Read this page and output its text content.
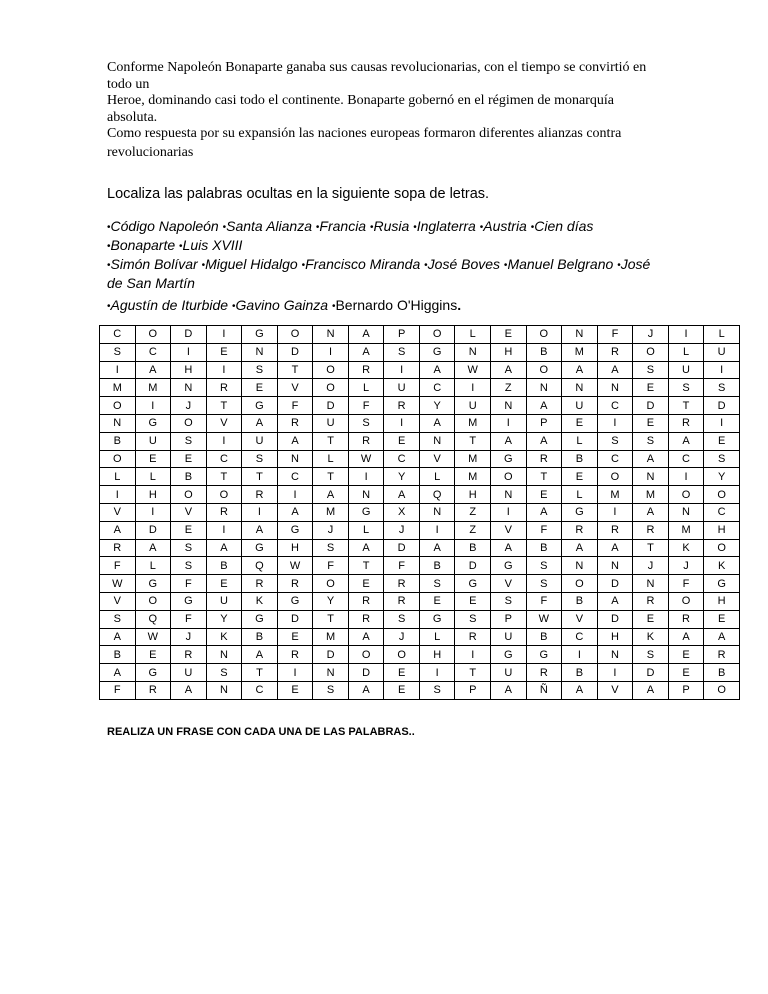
Conforme Napoleón Bonaparte ganaba sus causas revolucionarias, con el tiempo se convirtió en

todo un

Heroe, dominando casi todo el continente. Bonaparte gobernó en el régimen de monarquía absoluta.

Como respuesta por su expansión las naciones europeas formaron diferentes alianzas contra

revolucionarias

Localiza las palabras ocultas en la siguiente sopa de letras.

•Código Napoleón •Santa Alianza •Francia •Rusia •Inglaterra •Austria •Cien días

•Bonaparte •Luis XVIII

•Simón Bolívar •Miguel Hidalgo •Francisco Miranda •José Boves •Manuel Belgrano •José de San Martín

•Agustín de Iturbide •Gavino Gainza •Bernardo O'Higgins.

C	O	D	I	G	O	N	A	P	O	L	E	O	N	F	J	I	L
S	C	I	E	N	D	I	A	S	G	N	H	B	M	R	O	L	U
I	A	H	I	S	T	O	R	I	A	W	A	O	A	A	S	U	I
M	M	N	R	E	V	O	L	U	C	I	Z	N	N	N	E	S	S
O	I	J	T	G	F	D	F	R	Y	U	N	A	U	C	D	T	D
N	G	O	V	A	R	U	S	I	A	M	I	P	E	I	E	R	I
B	U	S	I	U	A	T	R	E	N	T	A	A	L	S	S	A	E
O	E	E	C	S	N	L	W	C	V	M	G	R	B	C	A	C	S
L	L	B	T	T	C	T	I	Y	L	M	O	T	E	O	N	I	Y
I	H	O	O	R	I	A	N	A	Q	H	N	E	L	M	M	O	O
V	I	V	R	I	A	M	G	X	N	Z	I	A	G	I	A	N	C
A	D	E	I	A	G	J	L	J	I	Z	V	F	R	R	R	M	H
R	A	S	A	G	H	S	A	D	A	B	A	B	A	A	T	K	O
F	L	S	B	Q	W	F	T	F	B	D	G	S	N	N	J	J	K
W	G	F	E	R	R	O	E	R	S	G	V	S	O	D	N	F	G
V	O	G	U	K	G	Y	R	R	E	E	S	F	B	A	R	O	H
S	Q	F	Y	G	D	T	R	S	G	S	P	W	V	D	E	R	E
A	W	J	K	B	E	M	A	J	L	R	U	B	C	H	K	A	A
B	E	R	N	A	R	D	O	O	H	I	G	G	I	N	S	E	R
A	G	U	S	T	I	N	D	E	I	T	U	R	B	I	D	E	B
F	R	A	N	C	E	S	A	E	S	P	A	Ñ	A	V	A	P	O
REALIZA UN FRASE CON CADA UNA DE LAS PALABRAS..
